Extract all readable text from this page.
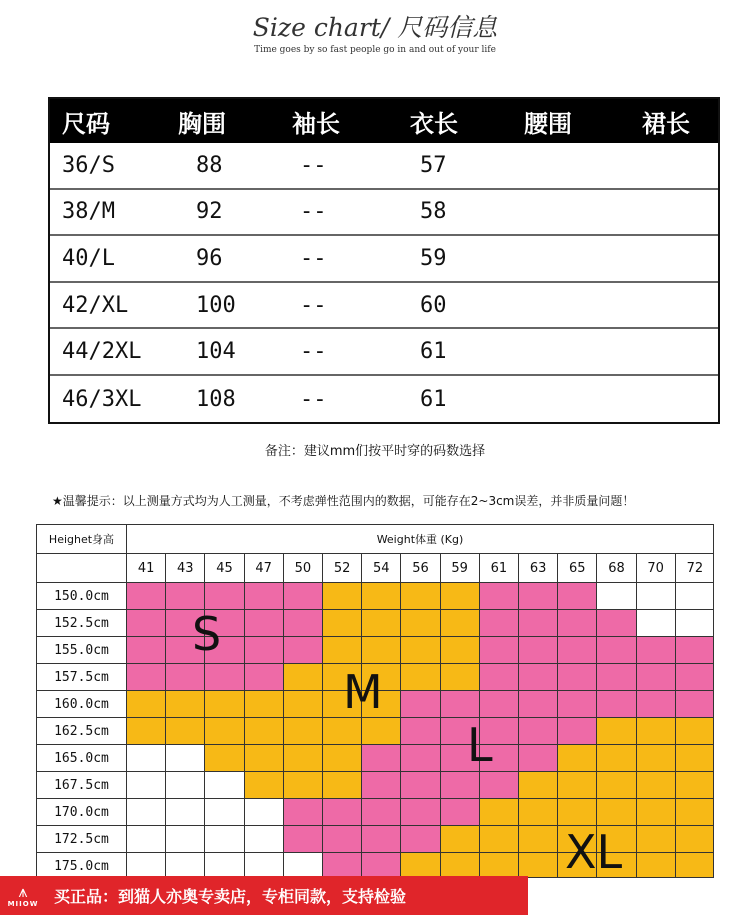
Size chart/ 尺码信息
Time goes by so fast people go in and out of your life
尺码	胸围	袖长	衣长	腰围	裙长
36/S	88	--	57
38/M	92	--	58
40/L	96	--	59
42/XL	100	--	60
44/2XL 104	--	61
46/3XL 108	--	61
备注：建议mm们按平时穿的码数选择
★温馨提示：以上测量方式均为人工测量，不考虑弹性范围内的数据，可能存在2~3cm误差，并非质量问题！
Heighet身高	Weight体重 (Kg)
41	43	45	47	50	52	54	56	59	61	63	65	68	70	72
150.0cm
152.5cm
155.0cm
157.5cm
160.0cm
162.5cm
165.0cm
167.5cm
170.0cm
172.5cm
175.0cm
S
M
L
XL
⩚
MIIOW 买正品：到猫人亦奥专卖店，专柜同款，支持检验
